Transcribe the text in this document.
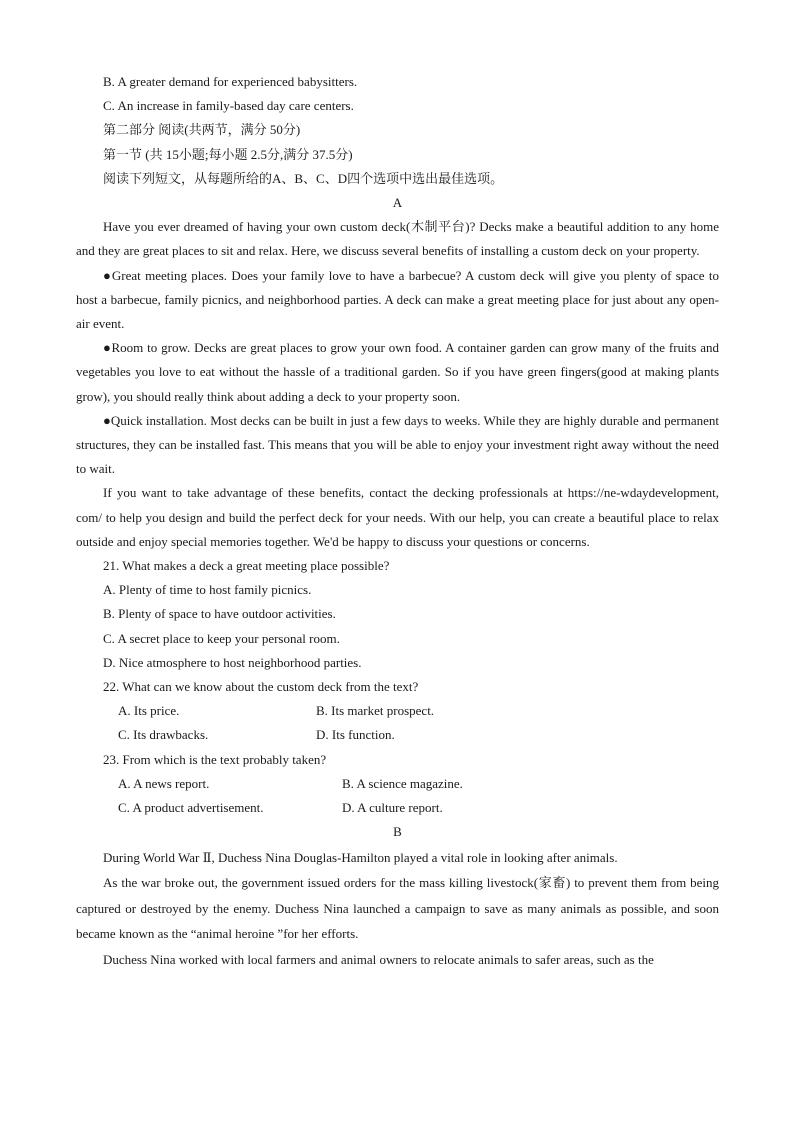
B. A greater demand for experienced babysitters.

C. An increase in family-based day care centers.

第二部分 阅读(共两节，满分 50分)

第一节 (共 15小题;每小题 2.5分,满分 37.5分)

阅读下列短文，从每题所给的A、B、C、D四个选项中选出最佳选项。

A

Have you ever dreamed of having your own custom deck(木制平台)? Decks make a beautiful addition to any home and they are great places to sit and relax. Here, we discuss several benefits of installing a custom deck on your property.

●Great meeting places. Does your family love to have a barbecue? A custom deck will give you plenty of space to host a barbecue, family picnics, and neighborhood parties. A deck can make a great meeting place for just about any open-air event.

●Room to grow. Decks are great places to grow your own food. A container garden can grow many of the fruits and vegetables you love to eat without the hassle of a traditional garden. So if you have green fingers(good at making plants grow), you should really think about adding a deck to your property soon.

●Quick installation. Most decks can be built in just a few days to weeks. While they are highly durable and permanent structures, they can be installed fast. This means that you will be able to enjoy your investment right away without the need to wait.

If you want to take advantage of these benefits, contact the decking professionals at https://ne-wdaydevelopment, com/ to help you design and build the perfect deck for your needs. With our help, you can create a beautiful place to relax outside and enjoy special memories together. We'd be happy to discuss your questions or concerns.

21. What makes a deck a great meeting place possible?

A. Plenty of time to host family picnics.

B. Plenty of space to have outdoor activities.

C. A secret place to keep your personal room.

D. Nice atmosphere to host neighborhood parties.

22. What can we know about the custom deck from the text?

A. Its price.	B. Its market prospect.
C. Its drawbacks.	D. Its function.

23. From which is the text probably taken?

A. A news report.	B. A science magazine.
C. A product advertisement.	D. A culture report.

B

During World War Ⅱ, Duchess Nina Douglas-Hamilton played a vital role in looking after animals.

As the war broke out, the government issued orders for the mass killing livestock(家畜) to prevent them from being captured or destroyed by the enemy. Duchess Nina launched a campaign to save as many animals as possible, and soon became known as the “animal heroine ”for her efforts.

Duchess Nina worked with local farmers and animal owners to relocate animals to safer areas, such as the
